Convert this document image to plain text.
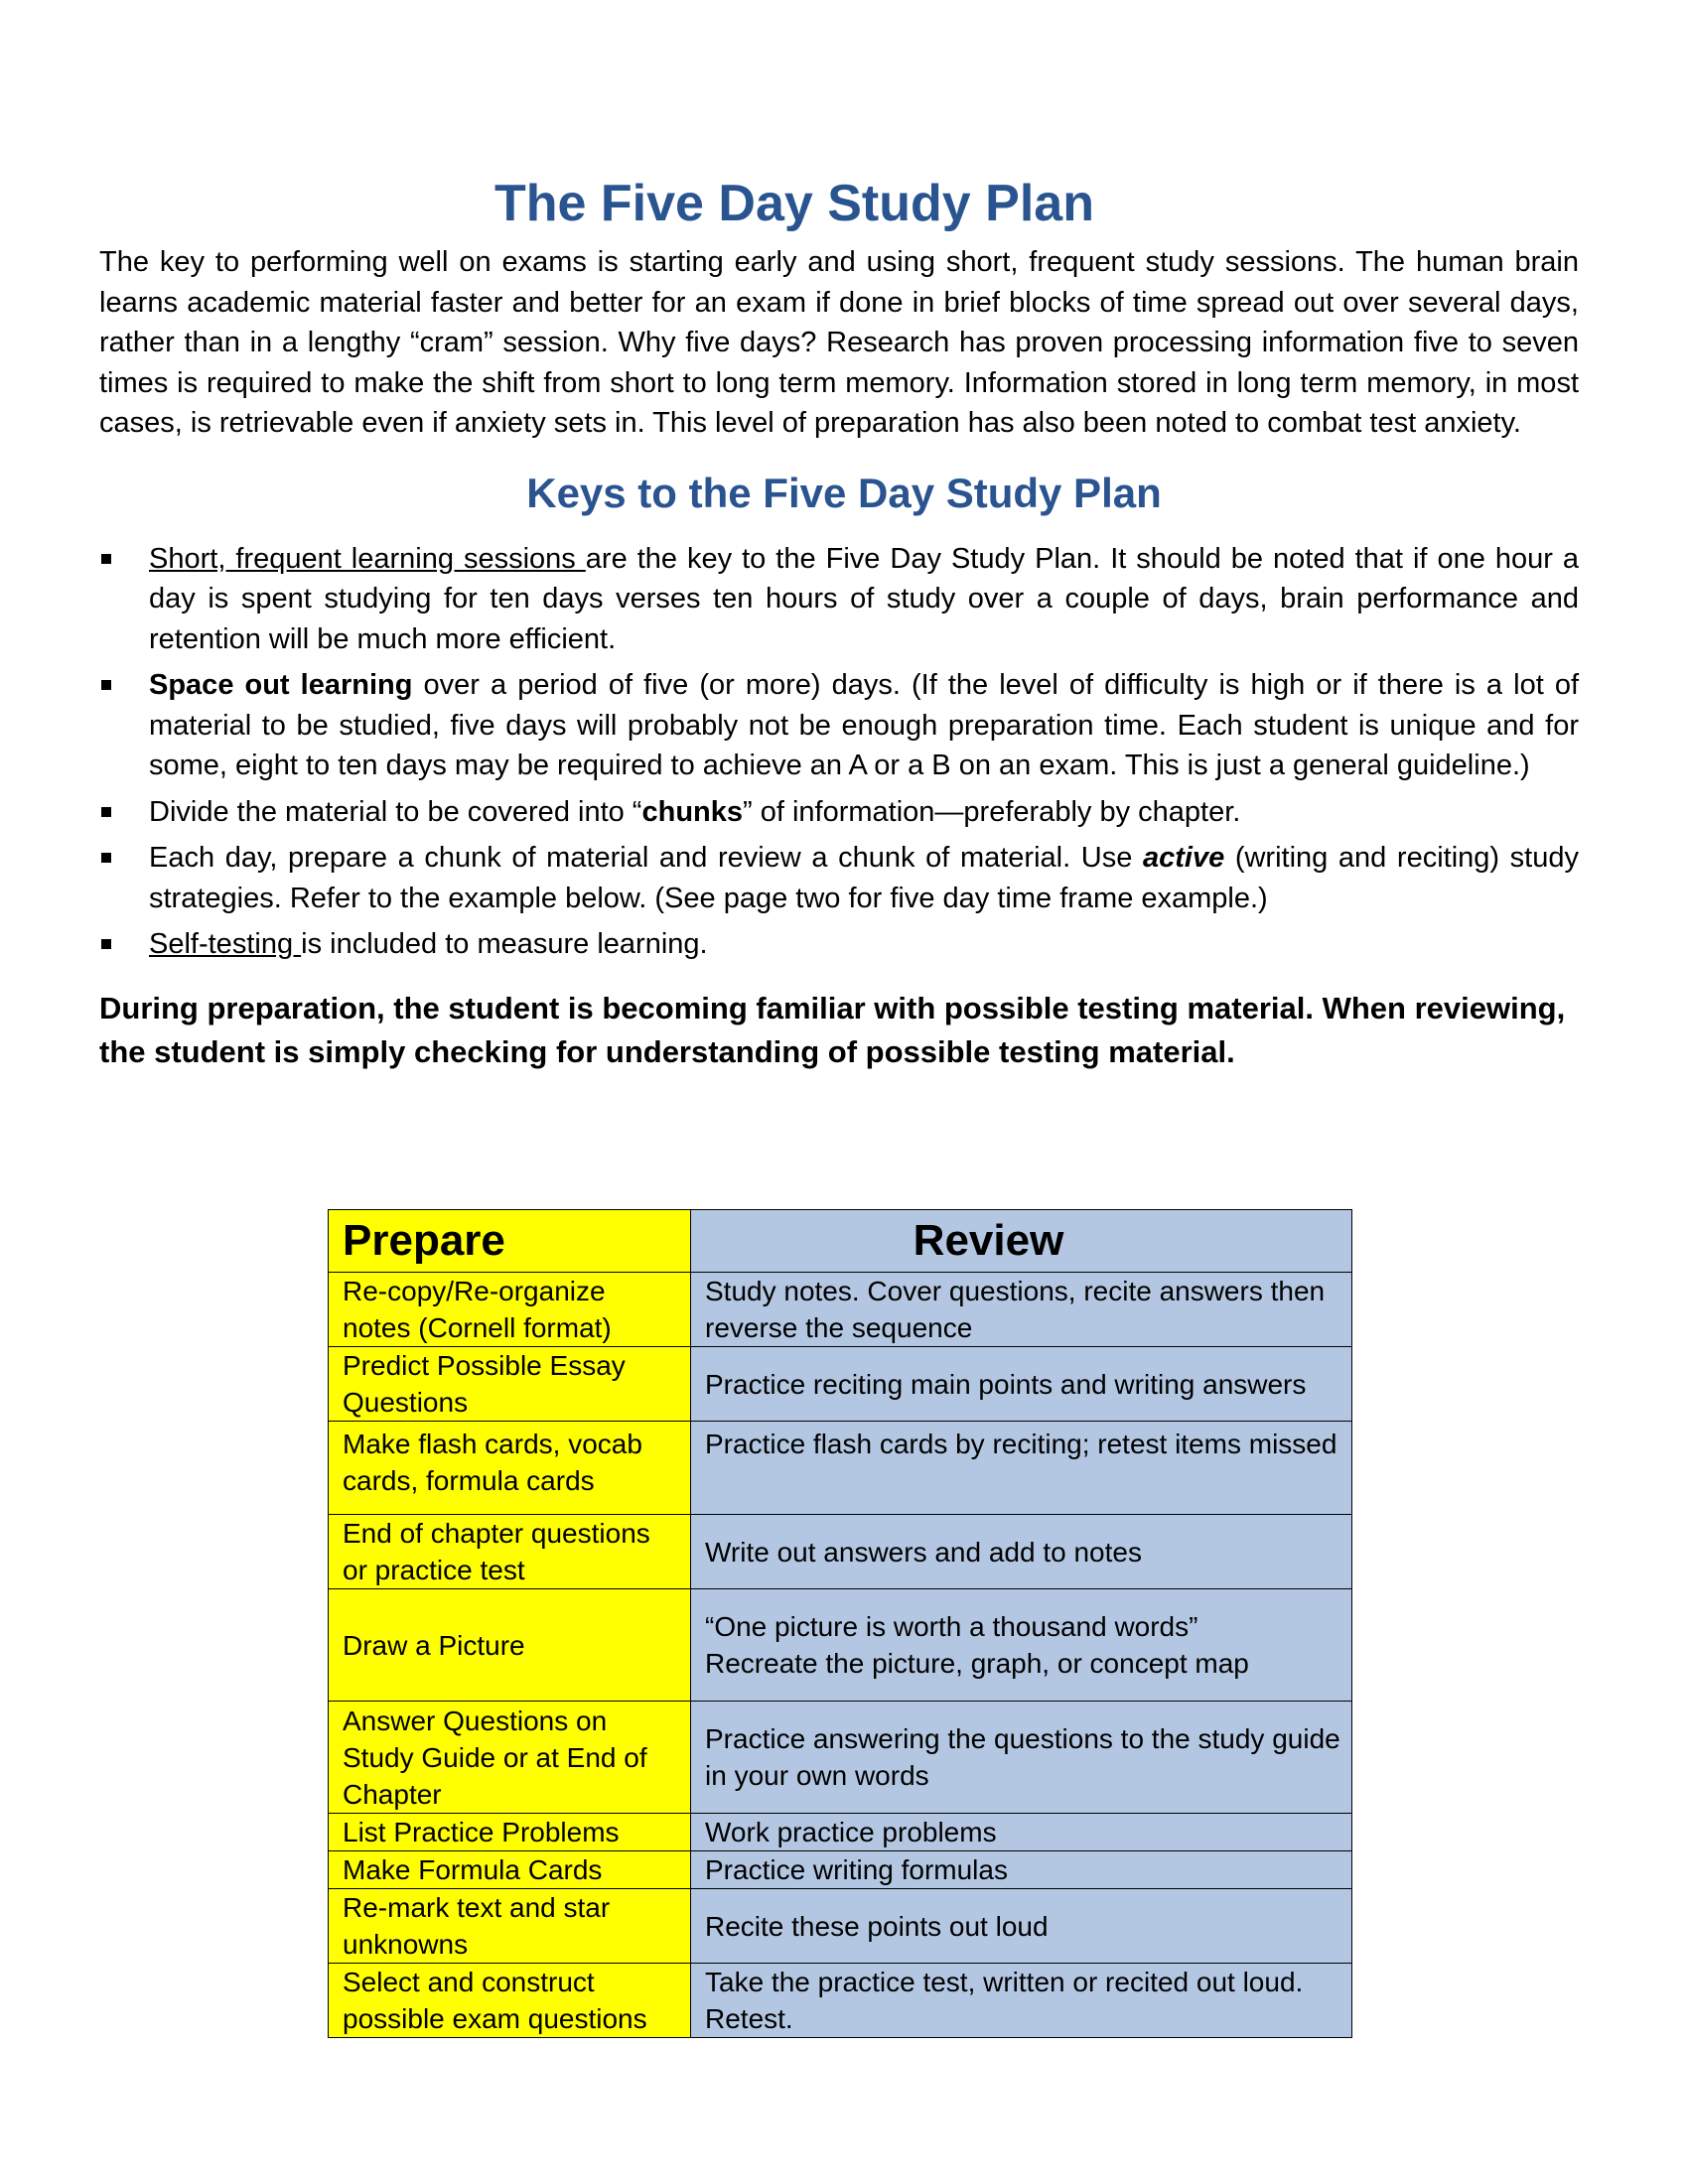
The Five Day Study Plan

The key to performing well on exams is starting early and using short, frequent study sessions. The human brain learns academic material faster and better for an exam if done in brief blocks of time spread out over several days, rather than in a lengthy “cram” session. Why five days? Research has proven processing information five to seven times is required to make the shift from short to long term memory. Information stored in long term memory, in most cases, is retrievable even if anxiety sets in. This level of preparation has also been noted to combat test anxiety.

Keys to the Five Day Study Plan
Short, frequent learning sessions are the key to the Five Day Study Plan. It should be noted that if one hour a day is spent studying for ten days verses ten hours of study over a couple of days, brain performance and retention will be much more efficient.
Space out learning over a period of five (or more) days. (If the level of difficulty is high or if there is a lot of material to be studied, five days will probably not be enough preparation time. Each student is unique and for some, eight to ten days may be required to achieve an A or a B on an exam. This is just a general guideline.)
Divide the material to be covered into “chunks” of information—preferably by chapter.
Each day, prepare a chunk of material and review a chunk of material. Use active (writing and reciting) study strategies. Refer to the example below. (See page two for five day time frame example.)
Self-testing is included to measure learning.

During preparation, the student is becoming familiar with possible testing material. When reviewing, the student is simply checking for understanding of possible testing material.

Prepare	Review
Re-copy/Re-organize notes (Cornell format)	Study notes. Cover questions, recite answers then reverse the sequence
Predict Possible Essay Questions	Practice reciting main points and writing answers
Make flash cards, vocab cards, formula cards	Practice flash cards by reciting; retest items missed
End of chapter questions or practice test	Write out answers and add to notes
Draw a Picture	“One picture is worth a thousand words”
Recreate the picture, graph, or concept map

Answer Questions on Study Guide or at End of Chapter	Practice answering the questions to the study guide in your own words
List Practice Problems	Work practice problems
Make Formula Cards	Practice writing formulas
Re-mark text and star unknowns	Recite these points out loud
Select and construct possible exam questions	Take the practice test, written or recited out loud. Retest.
